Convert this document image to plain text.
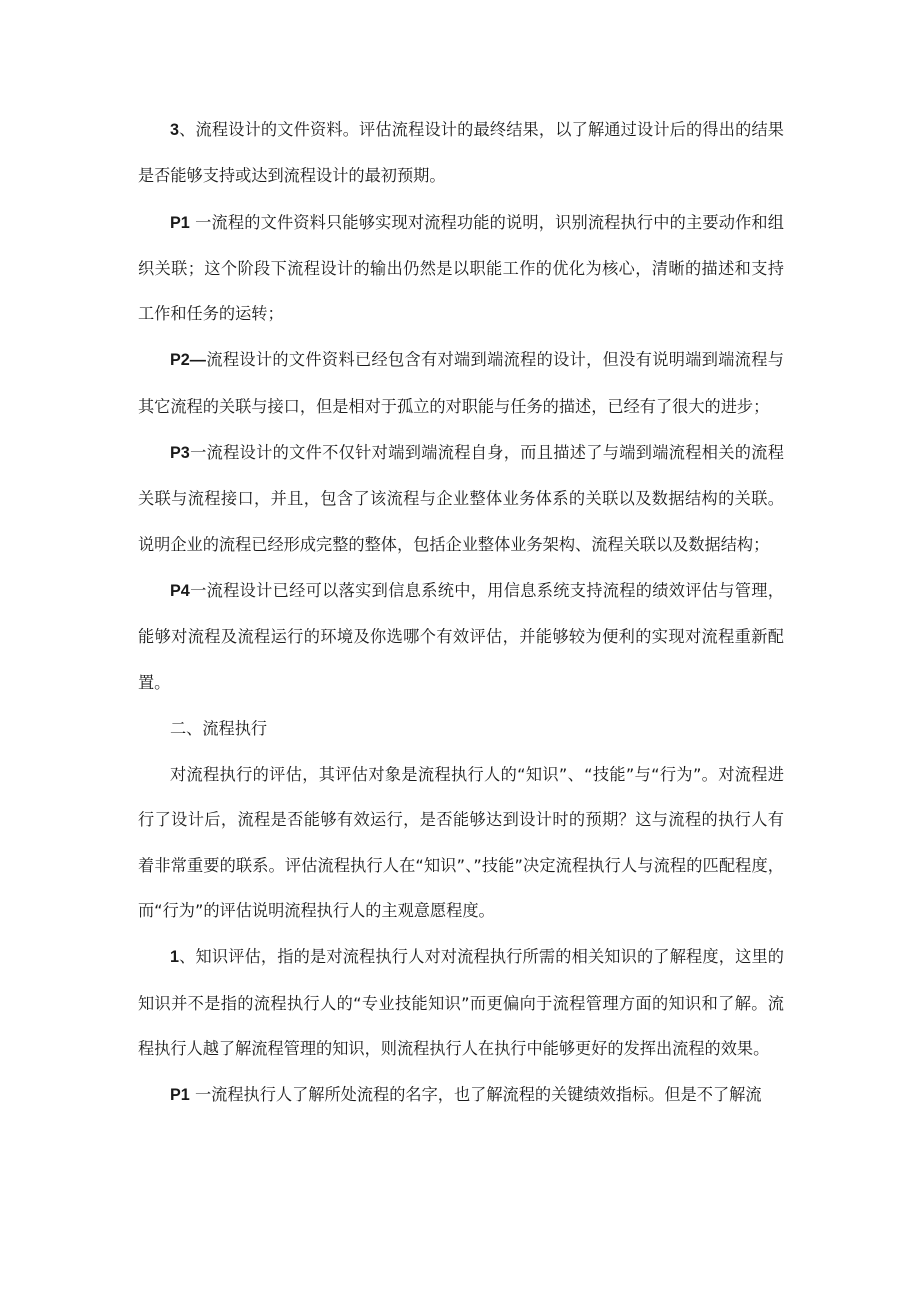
3、流程设计的文件资料。评估流程设计的最终结果，以了解通过设计后的得出的结果是否能够支持或达到流程设计的最初预期。

P1 一流程的文件资料只能够实现对流程功能的说明，识别流程执行中的主要动作和组织关联；这个阶段下流程设计的输出仍然是以职能工作的优化为核心，清晰的描述和支持工作和任务的运转；

P2—流程设计的文件资料已经包含有对端到端流程的设计，但没有说明端到端流程与其它流程的关联与接口，但是相对于孤立的对职能与任务的描述，已经有了很大的进步；

P3一流程设计的文件不仅针对端到端流程自身，而且描述了与端到端流程相关的流程关联与流程接口，并且，包含了该流程与企业整体业务体系的关联以及数据结构的关联。说明企业的流程已经形成完整的整体，包括企业整体业务架构、流程关联以及数据结构；

P4一流程设计已经可以落实到信息系统中，用信息系统支持流程的绩效评估与管理，能够对流程及流程运行的环境及你选哪个有效评估，并能够较为便利的实现对流程重新配置。

二、流程执行

对流程执行的评估，其评估对象是流程执行人的“知识”、“技能”与“行为”。对流程进行了设计后，流程是否能够有效运行，是否能够达到设计时的预期？这与流程的执行人有着非常重要的联系。评估流程执行人在“知识”、”技能”决定流程执行人与流程的匹配程度，而“行为”的评估说明流程执行人的主观意愿程度。

1、知识评估，指的是对流程执行人对对流程执行所需的相关知识的了解程度，这里的知识并不是指的流程执行人的“专业技能知识”而更偏向于流程管理方面的知识和了解。流程执行人越了解流程管理的知识，则流程执行人在执行中能够更好的发挥出流程的效果。

P1 一流程执行人了解所处流程的名字，也了解流程的关键绩效指标。但是不了解流
